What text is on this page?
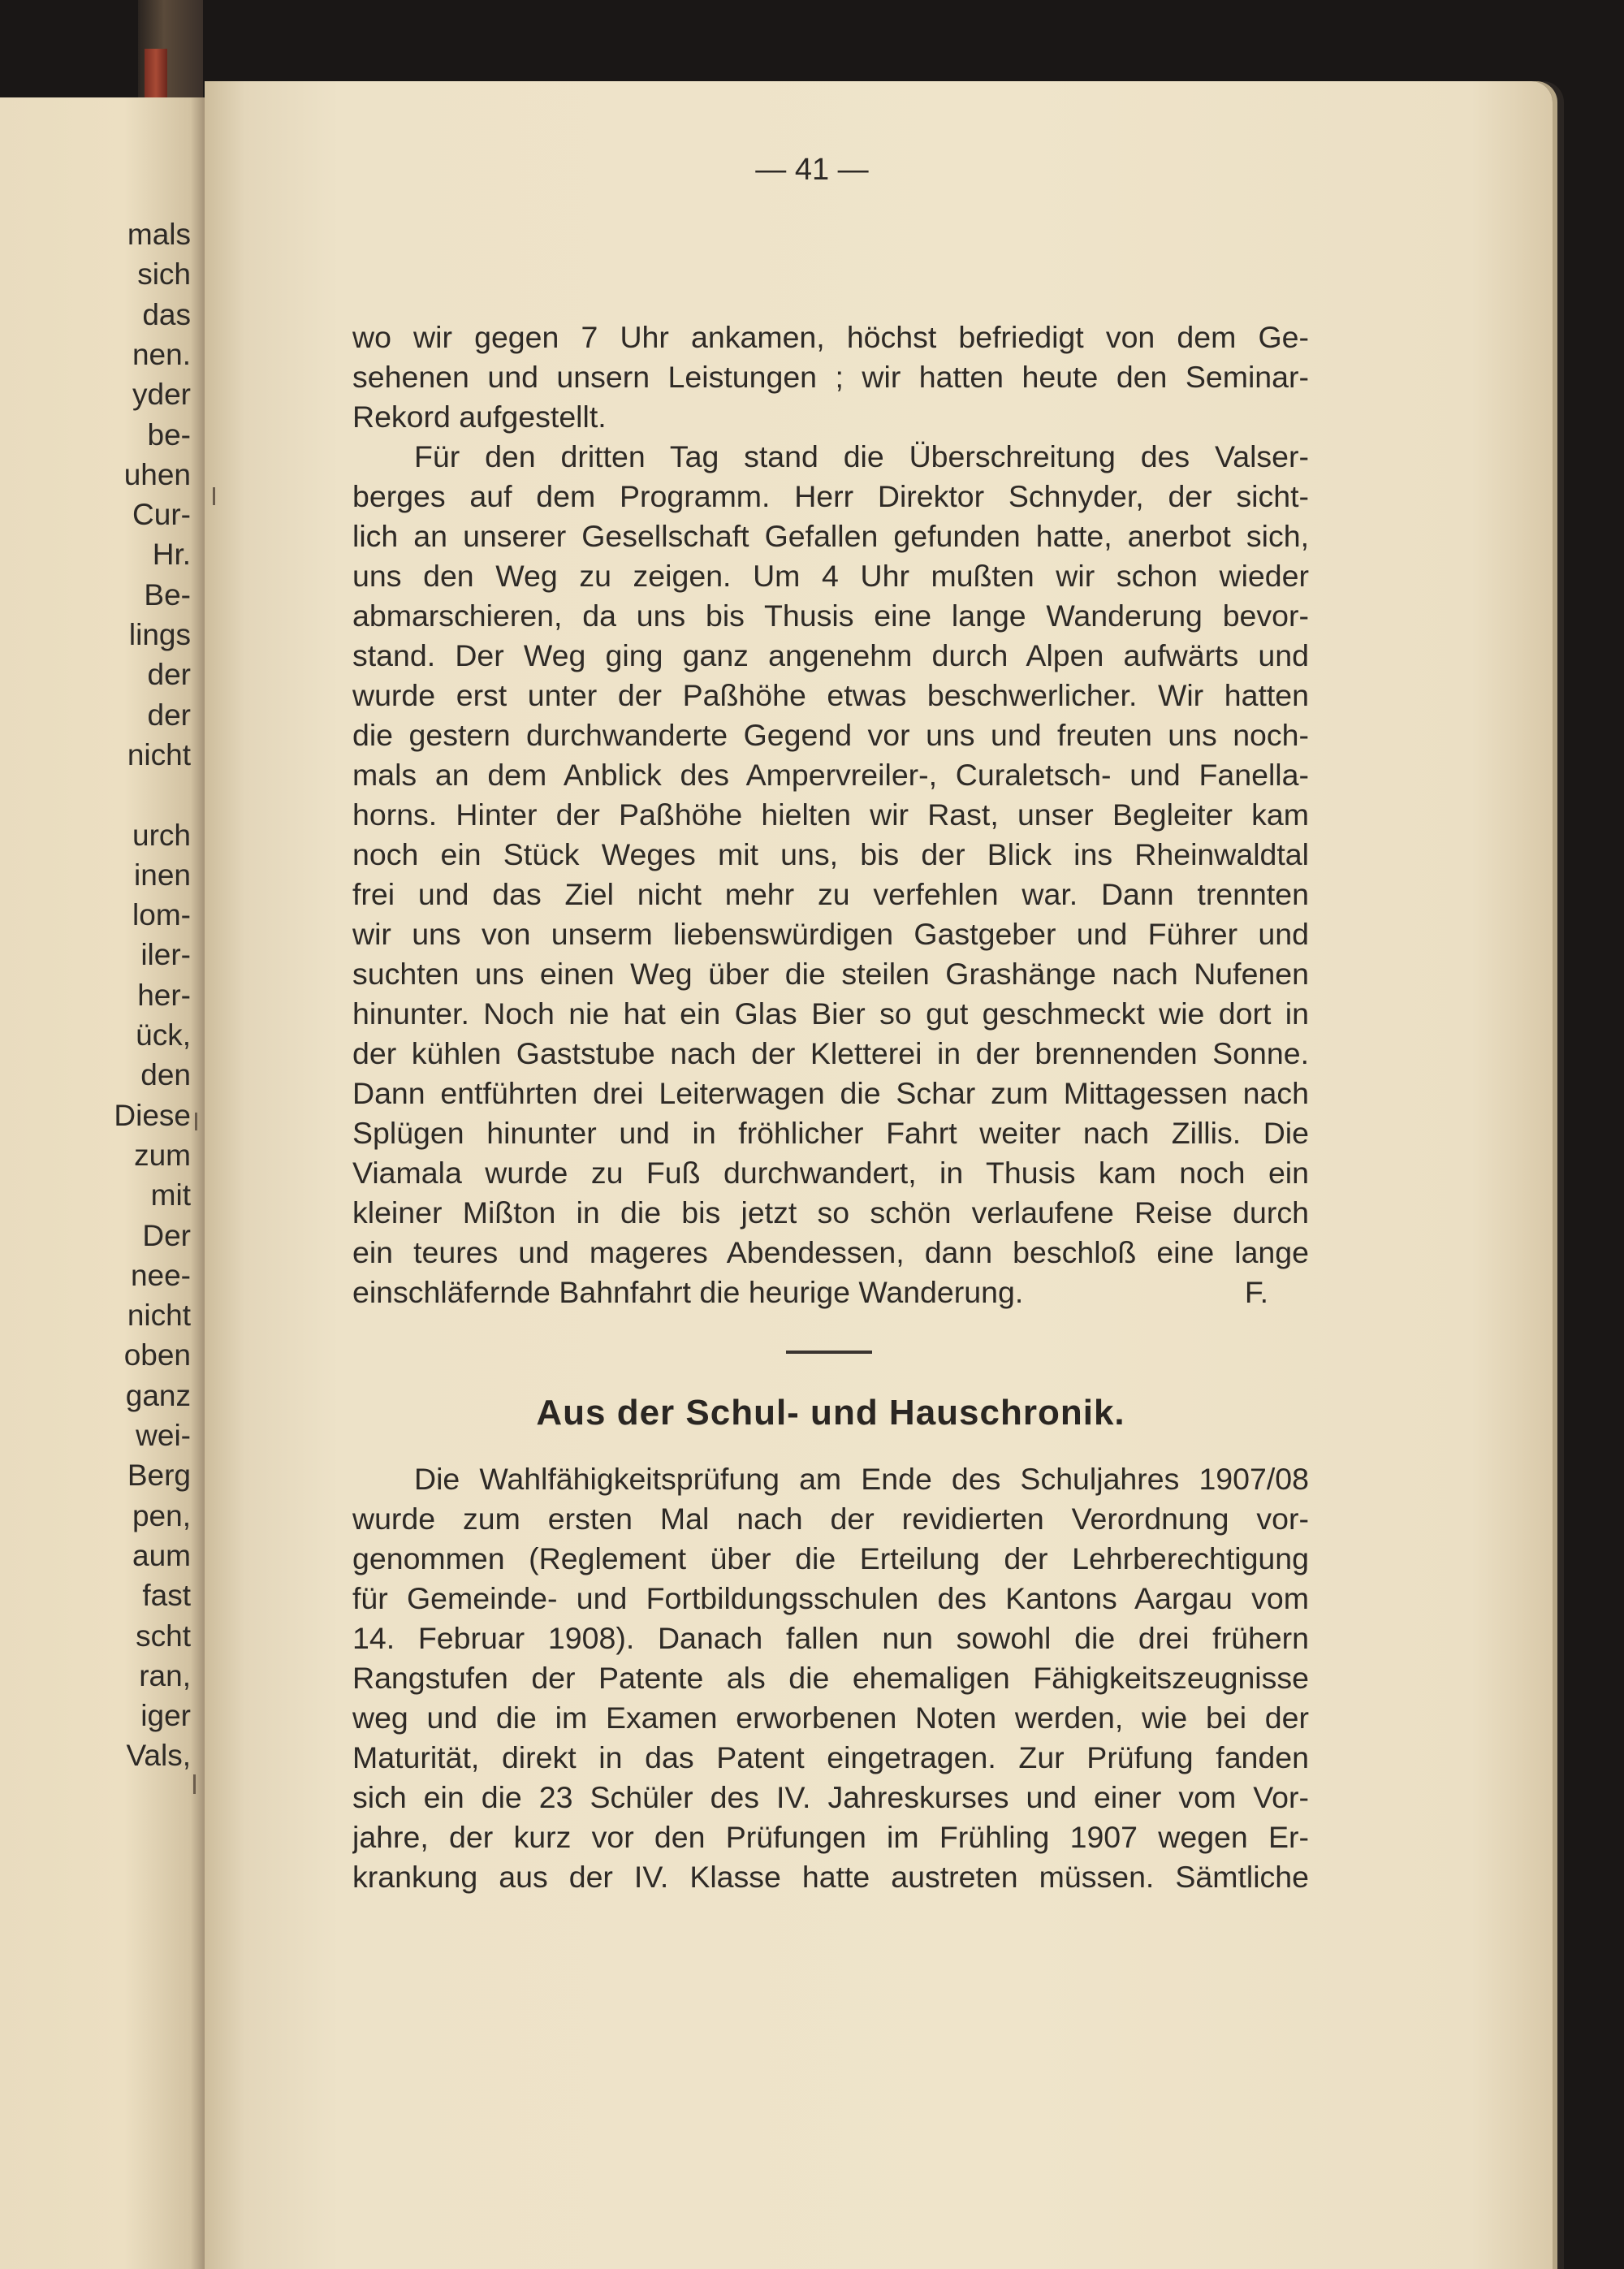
mals
sich
das
nen.
yder
be-
uhen
Cur-
Hr.
Be-
lings
der
der
nicht
urch
inen
lom-
iler-
her-
ück,
den
Diese
zum
mit
Der
nee-
nicht
oben
ganz
wei-
Berg
pen,
aum
fast
scht
ran,
iger
Vals,
— 41 —
wo wir gegen 7 Uhr ankamen, höchst befriedigt von dem Ge-
sehenen und unsern Leistungen ; wir hatten heute den Seminar-
Rekord aufgestellt.
Für den dritten Tag stand die Überschreitung des Valser-
berges auf dem Programm. Herr Direktor Schnyder, der sicht-
lich an unserer Gesellschaft Gefallen gefunden hatte, anerbot sich,
uns den Weg zu zeigen. Um 4 Uhr mußten wir schon wieder
abmarschieren, da uns bis Thusis eine lange Wanderung bevor-
stand. Der Weg ging ganz angenehm durch Alpen aufwärts und
wurde erst unter der Paßhöhe etwas beschwerlicher. Wir hatten
die gestern durchwanderte Gegend vor uns und freuten uns noch-
mals an dem Anblick des Ampervreiler-, Curaletsch- und Fanella-
horns. Hinter der Paßhöhe hielten wir Rast, unser Begleiter kam
noch ein Stück Weges mit uns, bis der Blick ins Rheinwaldtal
frei und das Ziel nicht mehr zu verfehlen war. Dann trennten
wir uns von unserm liebenswürdigen Gastgeber und Führer und
suchten uns einen Weg über die steilen Grashänge nach Nufenen
hinunter. Noch nie hat ein Glas Bier so gut geschmeckt wie dort in
der kühlen Gaststube nach der Kletterei in der brennenden Sonne.
Dann entführten drei Leiterwagen die Schar zum Mittagessen nach
Splügen hinunter und in fröhlicher Fahrt weiter nach Zillis. Die
Viamala wurde zu Fuß durchwandert, in Thusis kam noch ein
kleiner Mißton in die bis jetzt so schön verlaufene Reise durch
ein teures und mageres Abendessen, dann beschloß eine lange
einschläfernde Bahnfahrt die heurige Wanderung.	F.
Aus der Schul- und Hauschronik.
Die Wahlfähigkeitsprüfung am Ende des Schuljahres 1907/08
wurde zum ersten Mal nach der revidierten Verordnung vor-
genommen (Reglement über die Erteilung der Lehrberechtigung
für Gemeinde- und Fortbildungsschulen des Kantons Aargau vom
14. Februar 1908). Danach fallen nun sowohl die drei frühern
Rangstufen der Patente als die ehemaligen Fähigkeitszeugnisse
weg und die im Examen erworbenen Noten werden, wie bei der
Maturität, direkt in das Patent eingetragen. Zur Prüfung fanden
sich ein die 23 Schüler des IV. Jahreskurses und einer vom Vor-
jahre, der kurz vor den Prüfungen im Frühling 1907 wegen Er-
krankung aus der IV. Klasse hatte austreten müssen. Sämtliche
